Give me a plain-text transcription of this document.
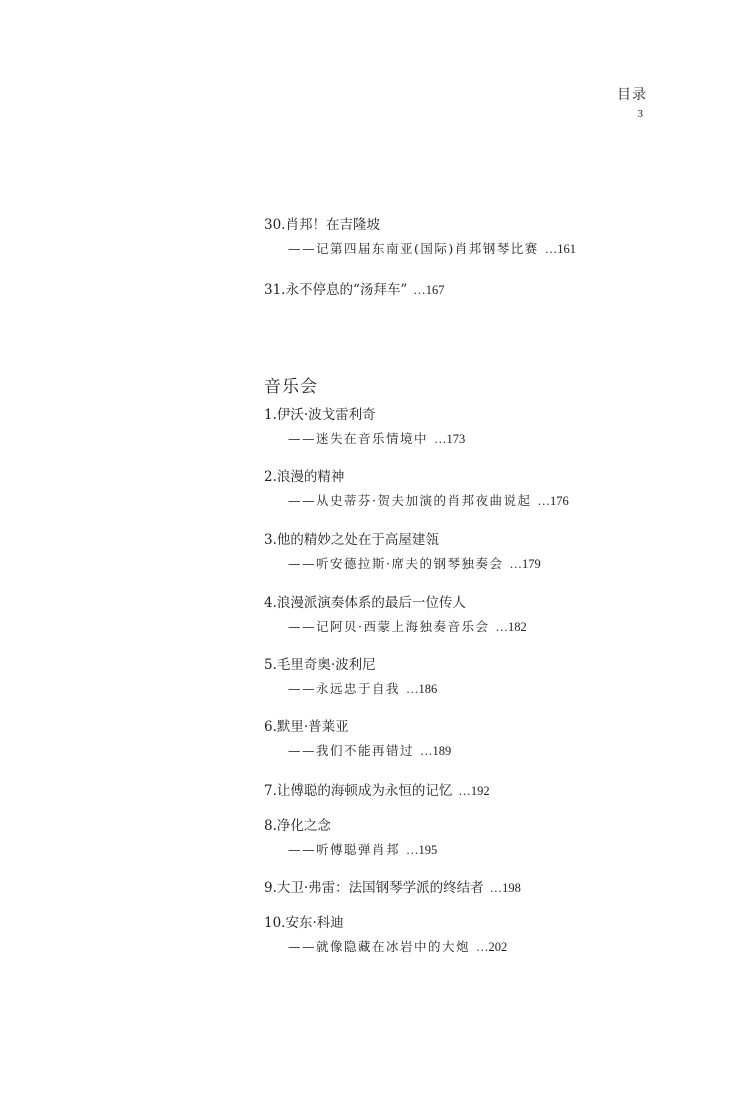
目录
3
30.肖邦！在吉隆坡
——记第四届东南亚(国际)肖邦钢琴比赛 …161
31.永不停息的“汤拜车” …167
音乐会
1.伊沃·波戈雷利奇
——迷失在音乐情境中 …173
2.浪漫的精神
——从史蒂芬·贺夫加演的肖邦夜曲说起 …176
3.他的精妙之处在于高屋建瓴
——听安德拉斯·席夫的钢琴独奏会 …179
4.浪漫派演奏体系的最后一位传人
——记阿贝·西蒙上海独奏音乐会 …182
5.毛里奇奥·波利尼
——永远忠于自我 …186
6.默里·普莱亚
——我们不能再错过 …189
7.让傅聪的海顿成为永恒的记忆 …192
8.净化之念
——听傅聪弹肖邦 …195
9.大卫·弗雷：法国钢琴学派的终结者 …198
10.安东·科迪
——就像隐藏在冰岩中的大炮 …202
